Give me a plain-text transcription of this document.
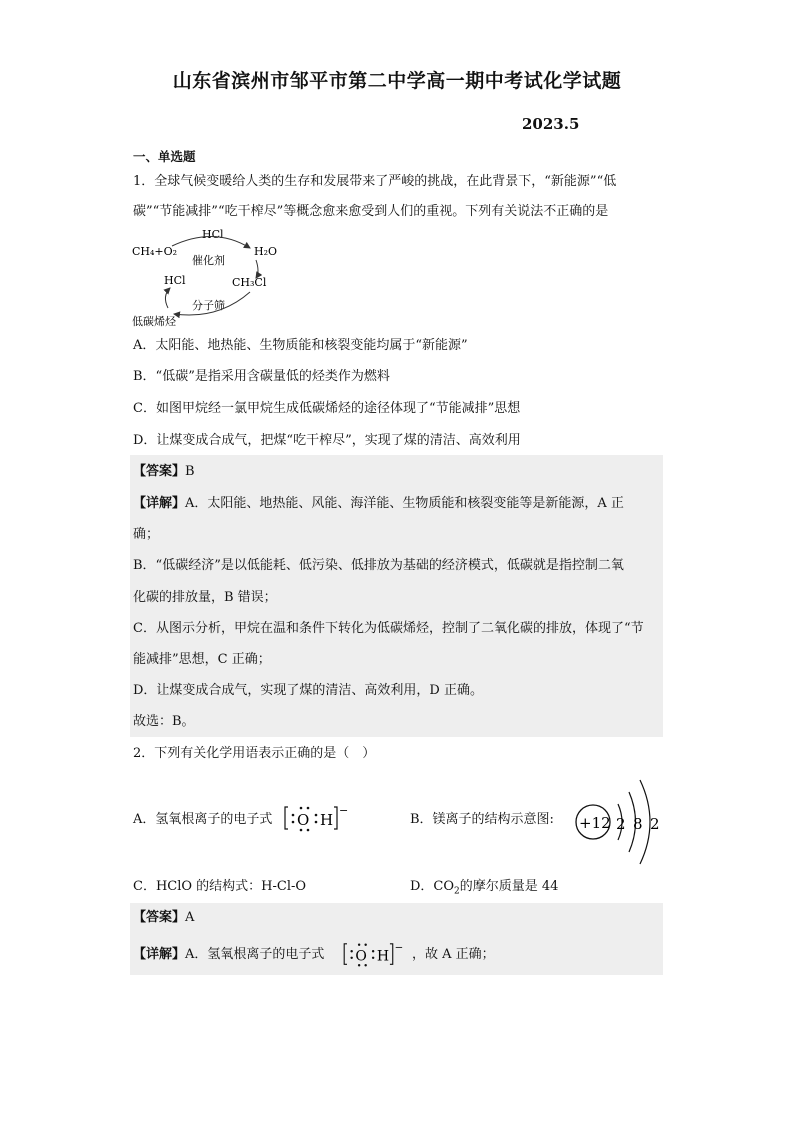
山东省滨州市邹平市第二中学高一期中考试化学试题
2023.5
一、单选题
1．全球气候变暖给人类的生存和发展带来了严峻的挑战，在此背景下，“新能源”“低
碳”“节能减排”“吃干榨尽”等概念愈来愈受到人们的重视。下列有关说法不正确的是
HCl
CH₄+O₂
催化剂
H₂O
HCl	CH₃Cl
分子筛
低碳烯烃
A．太阳能、地热能、生物质能和核裂变能均属于“新能源”
B．“低碳”是指采用含碳量低的烃类作为燃料
C．如图甲烷经一氯甲烷生成低碳烯烃的途径体现了“节能减排”思想
D．让煤变成合成气，把煤“吃干榨尽”，实现了煤的清洁、高效利用
【答案】B
【详解】A．太阳能、地热能、风能、海洋能、生物质能和核裂变能等是新能源，A 正
确；
B．“低碳经济”是以低能耗、低污染、低排放为基础的经济模式，低碳就是指控制二氧
化碳的排放量，B 错误；
C．从图示分析，甲烷在温和条件下转化为低碳烯烃，控制了二氧化碳的排放，体现了“节
能减排”思想，C 正确；
D．让煤变成合成气，实现了煤的清洁、高效利用，D 正确。
故选：B。
2．下列有关化学用语表示正确的是（　）
A．氢氧根离子的电子式 O H
−
B．镁离子的结构示意图: +12 2 8 2
C．HClO 的结构式：H-Cl-O	D．$CO_2$的摩尔质量是 44
【答案】A
【详解】A．氢氧根离子的电子式 O H
− ，故 A 正确；
